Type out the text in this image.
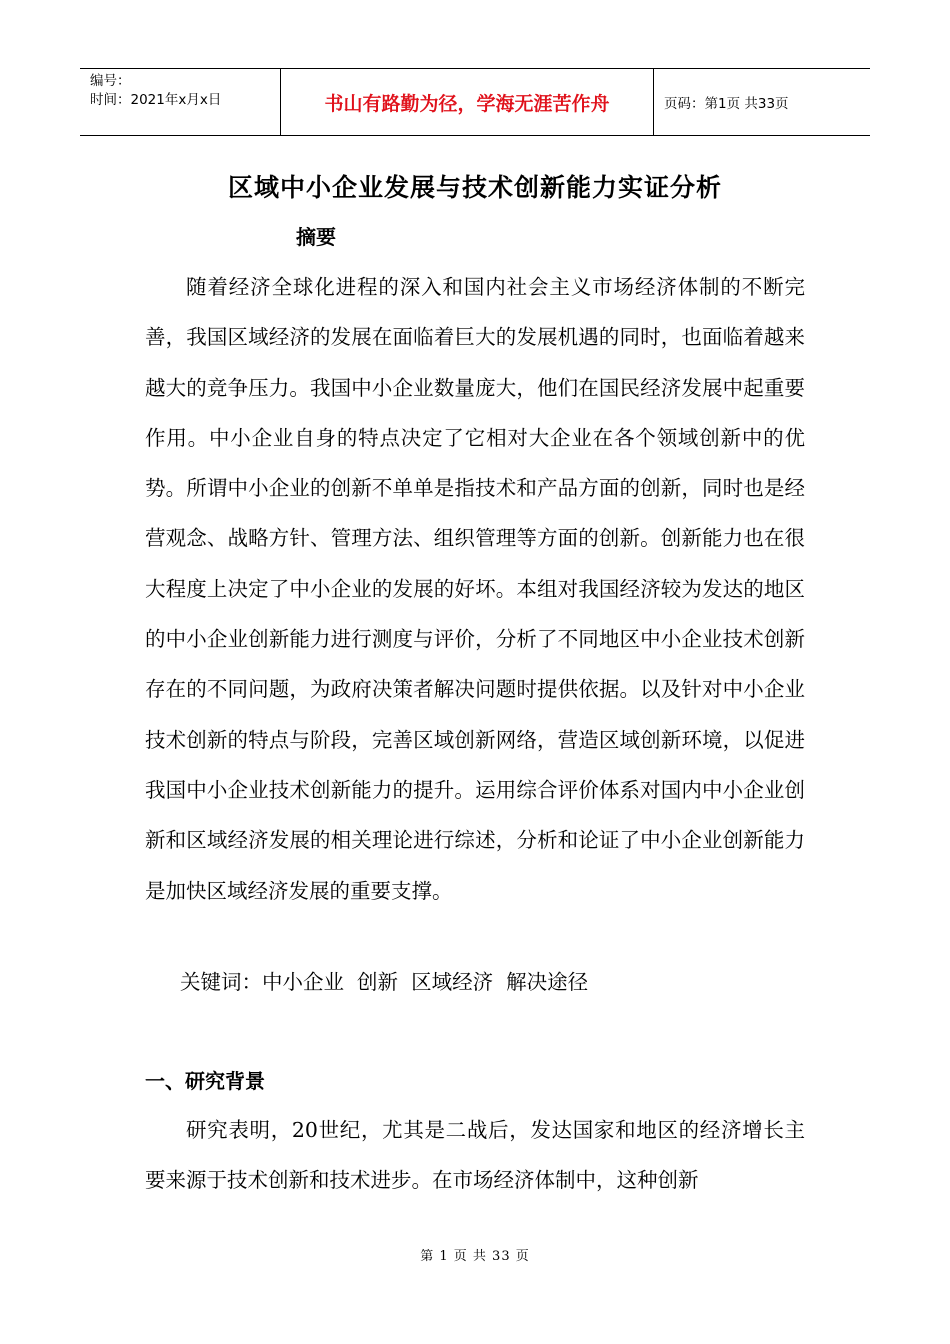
编号：
时间：2021年x月x日	书山有路勤为径，学海无涯苦作舟	页码：第1页 共33页
区域中小企业发展与技术创新能力实证分析
摘要

随着经济全球化进程的深入和国内社会主义市场经济体制的不断完善，我国区域经济的发展在面临着巨大的发展机遇的同时，也面临着越来越大的竞争压力。我国中小企业数量庞大，他们在国民经济发展中起重要作用。中小企业自身的特点决定了它相对大企业在各个领域创新中的优势。所谓中小企业的创新不单单是指技术和产品方面的创新，同时也是经营观念、战略方针、管理方法、组织管理等方面的创新。创新能力也在很大程度上决定了中小企业的发展的好坏。本组对我国经济较为发达的地区的中小企业创新能力进行测度与评价，分析了不同地区中小企业技术创新存在的不同问题，为政府决策者解决问题时提供依据。以及针对中小企业技术创新的特点与阶段，完善区域创新网络，营造区域创新环境，以促进我国中小企业技术创新能力的提升。运用综合评价体系对国内中小企业创新和区域经济发展的相关理论进行综述，分析和论证了中小企业创新能力是加快区域经济发展的重要支撑。

关键词：中小企业  创新  区域经济  解决途径
一、研究背景

研究表明，20世纪，尤其是二战后，发达国家和地区的经济增长主要来源于技术创新和技术进步。在市场经济体制中，这种创新

第 1 页 共 33 页
